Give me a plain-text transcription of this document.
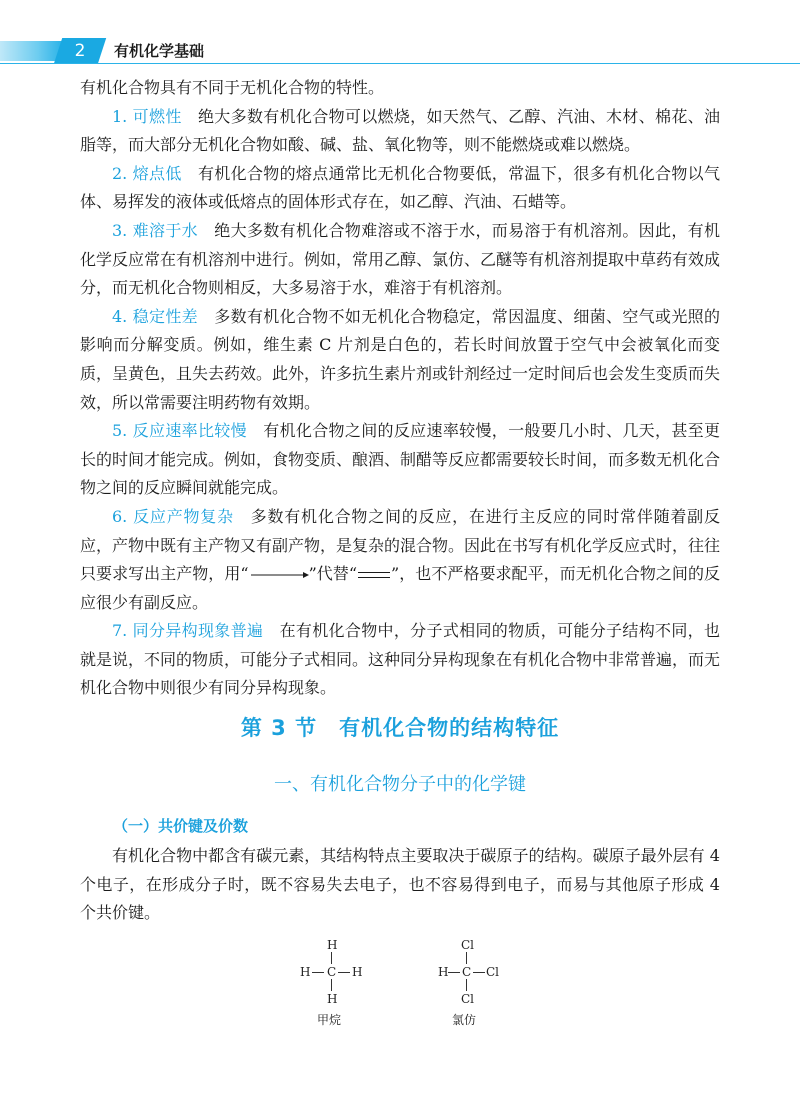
2	有机化学基础

有机化合物具有不同于无机化合物的特性。

1. 可燃性　 绝大多数有机化合物可以燃烧，如天然气、乙醇、汽油、木材、棉花、油脂等，而大部分无机化合物如酸、碱、盐、氧化物等，则不能燃烧或难以燃烧。

2. 熔点低　 有机化合物的熔点通常比无机化合物要低，常温下，很多有机化合物以气体、易挥发的液体或低熔点的固体形式存在，如乙醇、汽油、石蜡等。

3. 难溶于水　 绝大多数有机化合物难溶或不溶于水，而易溶于有机溶剂。因此，有机化学反应常在有机溶剂中进行。例如，常用乙醇、氯仿、乙醚等有机溶剂提取中草药有效成分，而无机化合物则相反，大多易溶于水，难溶于有机溶剂。

4. 稳定性差　 多数有机化合物不如无机化合物稳定，常因温度、细菌、空气或光照的影响而分解变质。例如，维生素 C 片剂是白色的，若长时间放置于空气中会被氧化而变质，呈黄色，且失去药效。此外，许多抗生素片剂或针剂经过一定时间后也会发生变质而失效，所以常需要注明药物有效期。

5. 反应速率比较慢　 有机化合物之间的反应速率较慢，一般要几小时、几天，甚至更长的时间才能完成。例如，食物变质、酿酒、制醋等反应都需要较长时间，而多数无机化合物之间的反应瞬间就能完成。

6. 反应产物复杂　 多数有机化合物之间的反应，在进行主反应的同时常伴随着副反应，产物中既有主产物又有副产物，是复杂的混合物。因此在书写有机化学反应式时，往往只要求写出主产物，用“→”代替“ ”，也不严格要求配平，而无机化合物之间的反应很少有副反应。

7. 同分异构现象普遍　 在有机化合物中，分子式相同的物质，可能分子结构不同，也就是说，不同的物质，可能分子式相同。这种同分异构现象在有机化合物中非常普遍，而无机化合物中则很少有同分异构现象。

第 3 节　有机化合物的结构特征
一、有机化合物分子中的化学键
（一）共价键及价数

有机化合物中都含有碳元素，其结构特点主要取决于碳原子的结构。碳原子最外层有 4 个电子，在形成分子时，既不容易失去电子，也不容易得到电子，而易与其他原子形成 4 个共价键。

H
H C H
H
甲烷
Cl
H C Cl
Cl
氯仿
